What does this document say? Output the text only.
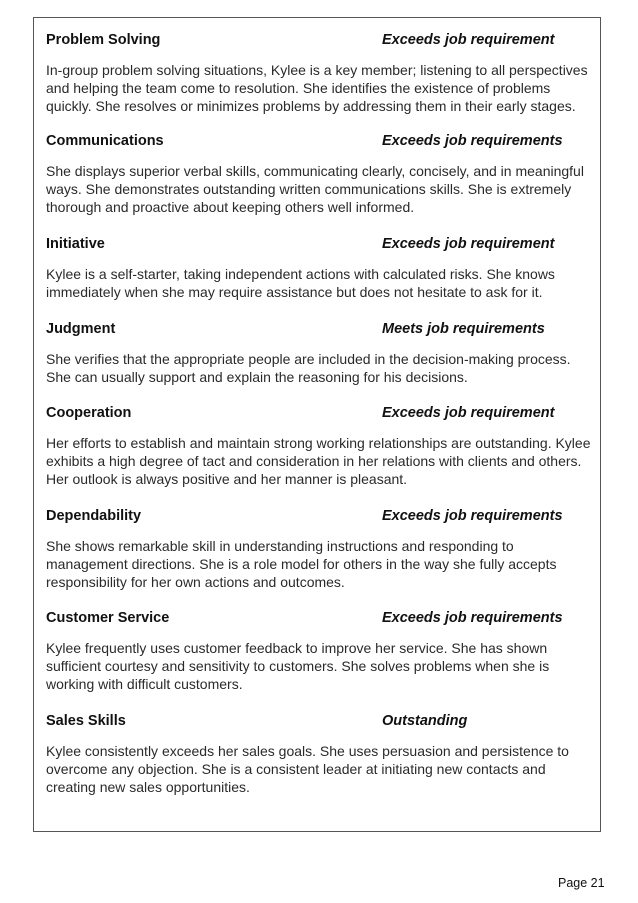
Problem Solving	Exceeds job requirement
In-group problem solving situations, Kylee is a key member; listening to all perspectives and helping the team come to resolution. She identifies the existence of problems quickly. She resolves or minimizes problems by addressing them in their early stages.
Communications	Exceeds job requirements
She displays superior verbal skills, communicating clearly, concisely, and in meaningful ways. She demonstrates outstanding written communications skills. She is extremely thorough and proactive about keeping others well informed.
Initiative	Exceeds job requirement
Kylee is a self-starter, taking independent actions with calculated risks. She knows immediately when she may require assistance but does not hesitate to ask for it.
Judgment	Meets job requirements
She verifies that the appropriate people are included in the decision-making process. She can usually support and explain the reasoning for his decisions.
Cooperation	Exceeds job requirement
Her efforts to establish and maintain strong working relationships are outstanding. Kylee exhibits a high degree of tact and consideration in her relations with clients and others. Her outlook is always positive and her manner is pleasant.
Dependability	Exceeds job requirements
She shows remarkable skill in understanding instructions and responding to management directions. She is a role model for others in the way she fully accepts responsibility for her own actions and outcomes.
Customer Service	Exceeds job requirements
Kylee frequently uses customer feedback to improve her service. She has shown sufficient courtesy and sensitivity to customers. She solves problems when she is working with difficult customers.
Sales Skills	Outstanding
Kylee consistently exceeds her sales goals. She uses persuasion and persistence to overcome any objection. She is a consistent leader at initiating new contacts and creating new sales opportunities.
Page 21
